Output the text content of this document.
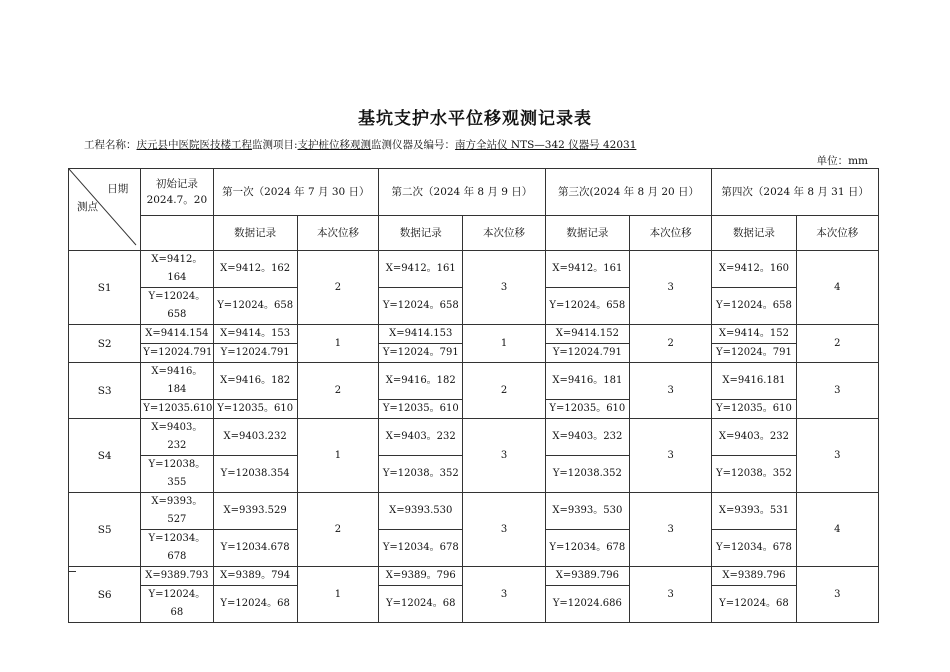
基坑支护水平位移观测记录表
工程名称：庆元县中医院医技楼工程监测项目:支护桩位移观测监测仪器及编号：南方全站仪 NTS—342 仪器号 42031
单位：mm
日期
测点	初始记录 2024.7。20	第一次（2024 年 7 月 30 日）		第二次（2024 年 8 月 9 日）		第三次(2024 年 8 月 20 日）		第四次（2024 年 8 月 31 日）	
		数据记录	本次位移	数据记录	本次位移	数据记录	本次位移	数据记录	本次位移
S1	X=9412。164	X=9412。162	2	X=9412。161	3	X=9412。161	3	X=9412。160	4
	Y=12024。658	Y=12024。658		Y=12024。658		Y=12024。658		Y=12024。658	
S2	X=9414.154	X=9414。153	1	X=9414.153	1	X=9414.152	2	X=9414。152	2
	Y=12024.791	Y=12024.791		Y=12024。791		Y=12024.791		Y=12024。791	
S3	X=9416。184	X=9416。182	2	X=9416。182	2	X=9416。181	3	X=9416.181	3
	Y=12035.610	Y=12035。610		Y=12035。610		Y=12035。610		Y=12035。610	
S4	X=9403。232	X=9403.232	1	X=9403。232	3	X=9403。232	3	X=9403。232	3
	Y=12038。355	Y=12038.354		Y=12038。352		Y=12038.352		Y=12038。352	
S5	X=9393。527	X=9393.529	2	X=9393.530	3	X=9393。530	3	X=9393。531	4
	Y=12034。678	Y=12034.678		Y=12034。678		Y=12034。678		Y=12034。678	
S6	X=9389.793	X=9389。794	1	X=9389。796	3	X=9389.796	3	X=9389.796	3
	Y=12024。68	Y=12024。68		Y=12024。68		Y=12024.686		Y=12024。68	
